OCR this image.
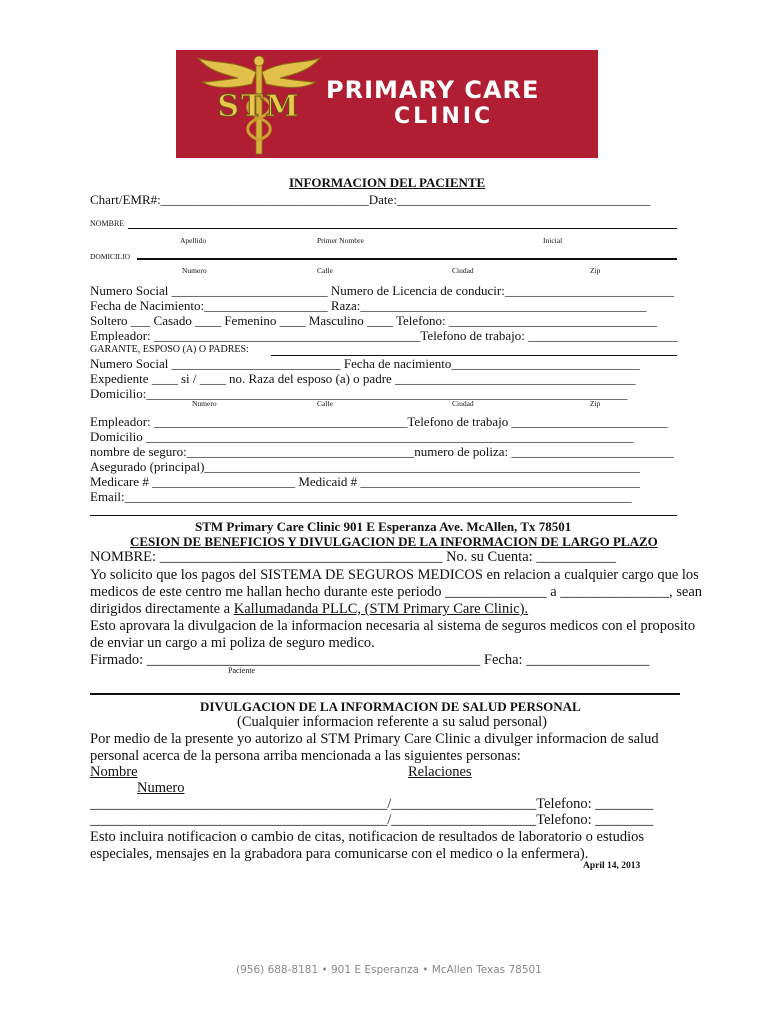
STM PRIMARY CARE
CLINIC
INFORMACION DEL PACIENTE
Chart/EMR#:________________________________Date:_______________________________________
NOMBRE
Apellido	Primer Nombre	Inicial
DOMICILIO
Numero	Calle	Ciudad	Zip
Numero Social ________________________ Numero de Licencia de conducir:__________________________
Fecha de Nacimiento:___________________ Raza:____________________________________________
Soltero ___ Casado ____ Femenino ____ Masculino ____ Telefono: ________________________________
Empleador: _________________________________________Telefono de trabajo: _______________________
GARANTE, ESPOSO (A) O PADRES:
Numero Social __________________________ Fecha de nacimiento_____________________________
Expediente ____ si / ____ no. Raza del esposo (a) o padre _____________________________________
Domicilio:__________________________________________________________________________
Numero	Calle	Ciudad	Zip
Empleador: _______________________________________Telefono de trabajo ________________________
Domicilio ___________________________________________________________________________
nombre de seguro:___________________________________numero de poliza: _________________________
Asegurado (principal)___________________________________________________________________
Medicare # ______________________ Medicaid # ___________________________________________
Email:______________________________________________________________________________
STM Primary Care Clinic 901 E Esperanza Ave. McAllen, Tx 78501
CESION DE BENEFICIOS Y DIVULGACION DE LA INFORMACION DE LARGO PLAZO
NOMBRE: _______________________________________ No. su Cuenta: ___________
Yo solicito que los pagos del SISTEMA DE SEGUROS MEDICOS en relacion a cualquier cargo que los
medicos de este centro me hallan hecho durante este periodo ______________ a _______________, sean
dirigidos directamente a Kallumadanda PLLC, (STM Primary Care Clinic).
Esto aprovara la divulgacion de la informacion necesaria al sistema de seguros medicos con el proposito
de enviar un cargo a mi poliza de seguro medico.
Firmado: ______________________________________________ Fecha: _________________
Paciente
DIVULGACION DE LA INFORMACION DE SALUD PERSONAL
(Cualquier informacion referente a su salud personal)
Por medio de la presente yo autorizo al STM Primary Care Clinic a divulger informacion de salud
personal acerca de la persona arriba mencionada a las siguientes personas:
Nombre	Relaciones
Numero
_________________________________________/____________________Telefono: ________
_________________________________________/____________________Telefono: ________
Esto incluira notificacion o cambio de citas, notificacion de resultados de laboratorio o estudios
especiales, mensajes en la grabadora para comunicarse con el medico o la enfermera).
April 14, 2013
(956) 688-8181 • 901 E Esperanza • McAllen Texas 78501
